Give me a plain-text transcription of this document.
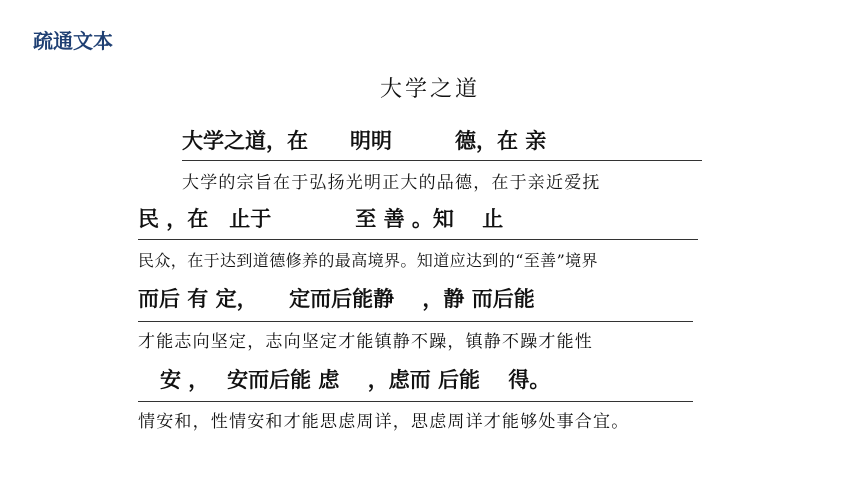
疏通文本
大学之道
大学之道，在　　明明　　　德，在 亲
大学的宗旨在于弘扬光明正大的品德，在于亲近爱抚
民 ，在　止于　　　　至 善 。知　 止
民众，在于达到道德修养的最高境界。知道应达到的“至善”境界
而后 有 定，　　定而后能静　 ，静 而后能
才能志向坚定，志向坚定才能镇静不躁，镇静不躁才能性
安 ，　 安而后能 虑　 ，虑而 后能　 得。
情安和，性情安和才能思虑周详，思虑周详才能够处事合宜。
